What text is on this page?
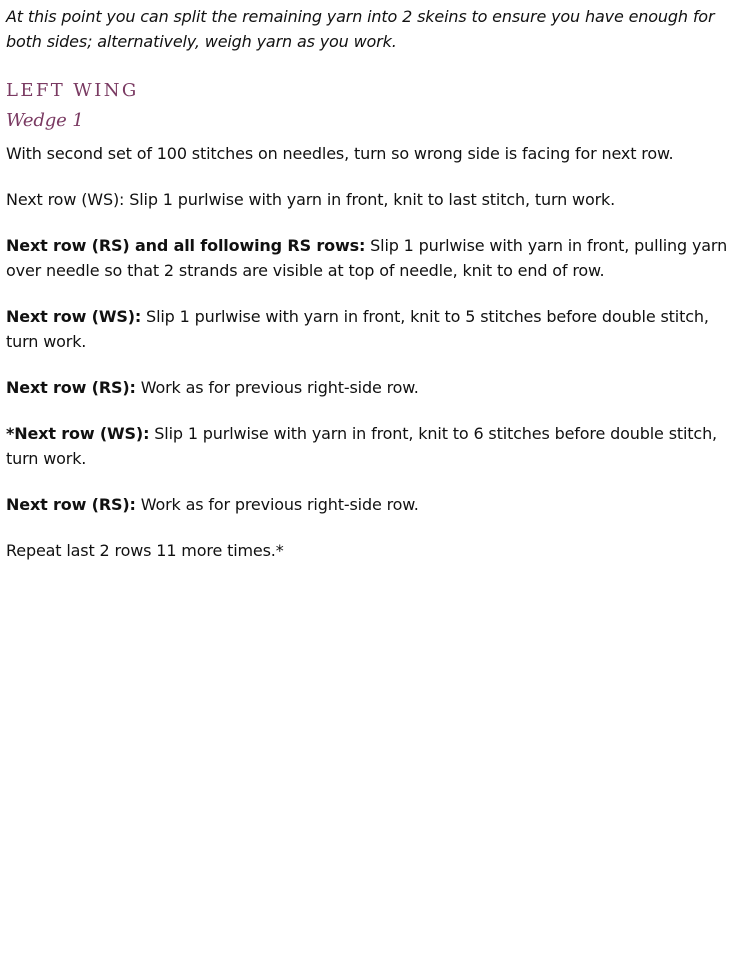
At this point you can split the remaining yarn into 2 skeins to ensure you have enough for both sides; alternatively, weigh yarn as you work.

LEFT WING
Wedge 1

With second set of 100 stitches on needles, turn so wrong side is facing for next row.

Next row (WS): Slip 1 purlwise with yarn in front, knit to last stitch, turn work.

Next row (RS) and all following RS rows: Slip 1 purlwise with yarn in front, pulling yarn over needle so that 2 strands are visible at top of needle, knit to end of row.

Next row (WS): Slip 1 purlwise with yarn in front, knit to 5 stitches before double stitch, turn work.

Next row (RS): Work as for previous right-side row.

*Next row (WS): Slip 1 purlwise with yarn in front, knit to 6 stitches before double stitch, turn work.

Next row (RS): Work as for previous right-side row.

Repeat last 2 rows 11 more times.*
